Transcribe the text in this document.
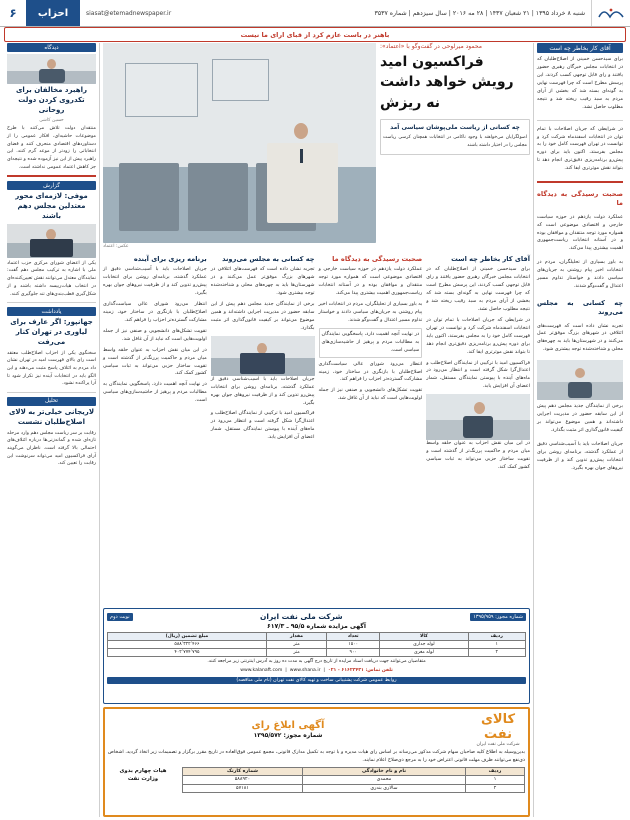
شنبه ۸ خرداد ۱۳۹۵ | ۲۱ شعبان ۱۴۳۷ | ۲۸ مه ۲۰۱۶ | سال سیزدهم | شماره ۳۵۳۷
siasat@etemadnewspaper.ir
احزاب
۶
باهنر در باست عازم کرد از قبای ارای ما نیست
آقای کار بخاطر چه است
برای سیدحسن خمینی از اصلاح‌طلبان که در انتخابات مجلس خبرگان رهبری حضور یافتند و رای قابل توجهی کسب کردند، این پرسش مطرح است که چرا فهرست نهایی به گونه‌ای بسته شد که بخشی از آرای مردم به سبد رقیب ریخته شد و نتیجه مطلوب حاصل نشد.
در شرایطی که جریان اصلاحات با تمام توان در انتخابات اسفندماه شرکت کرد و توانست در تهران فهرست کامل خود را به مجلس بفرستد، اکنون باید برای دوره پیش‌رو برنامه‌ریزی دقیق‌تری انجام دهد تا بتواند نقش موثرتری ایفا کند.
صحبت رسیدگی به دیدگاه ما
عملکرد دولت یازدهم در حوزه سیاست خارجی و اقتصادی موضوعی است که همواره مورد توجه منتقدان و موافقان بوده و در آستانه انتخابات ریاست‌جمهوری اهمیت بیشتری پیدا می‌کند.
به باور بسیاری از تحلیلگران، مردم در انتخابات اخیر پیام روشنی به جریان‌های سیاسی دادند و خواستار تداوم مسیر اعتدال و گفت‌وگو شدند.
چه کسانی به مجلس می‌روند
تجربه نشان داده است که فهرست‌های ائتلافی در شهرهای بزرگ موفق‌تر عمل می‌کنند و در شهرستان‌ها باید به چهره‌های محلی و شناخته‌شده توجه بیشتری شود.
برخی از نمایندگان جدید مجلس دهم پیش از این سابقه حضور در مدیریت اجرایی داشته‌اند و همین موضوع می‌تواند بر کیفیت قانون‌گذاری اثر مثبت بگذارد.
جریان اصلاحات باید با آسیب‌شناسی دقیق از عملکرد گذشته، برنامه‌ای روشن برای انتخابات پیش‌رو تدوین کند و از ظرفیت نیروهای جوان بهره بگیرد.
محمود میرلوحی در گفت‌وگو با «اعتماد»:
فراکسیون امید
رویش خواهد داشت نه ریزش
چه کسانی از ریاست ملی‌پوشان سیاسی آمد
اصولگرایان می‌خواهند با وجود ناکامی در انتخابات همچنان کرسی ریاست مجلس را در اختیار داشته باشند
عکس: اعتماد
آقای کار بخاطر چه است
برای سیدحسن خمینی از اصلاح‌طلبان که در انتخابات مجلس خبرگان رهبری حضور یافتند و رای قابل توجهی کسب کردند، این پرسش مطرح است که چرا فهرست نهایی به گونه‌ای بسته شد که بخشی از آرای مردم به سبد رقیب ریخته شد و نتیجه مطلوب حاصل نشد.
در شرایطی که جریان اصلاحات با تمام توان در انتخابات اسفندماه شرکت کرد و توانست در تهران فهرست کامل خود را به مجلس بفرستد، اکنون باید برای دوره پیش‌رو برنامه‌ریزی دقیق‌تری انجام دهد تا بتواند نقش موثرتری ایفا کند.
فراکسیون امید با ترکیبی از نمایندگان اصلاح‌طلب و اعتدال‌گرا شکل گرفته است و انتظار می‌رود در ماه‌های آینده با پیوستن نمایندگان مستقل، شمار اعضای آن افزایش یابد.
در این میان نقش احزاب به عنوان حلقه واسط میان مردم و حاکمیت پررنگ‌تر از گذشته است و تقویت ساختار حزبی می‌تواند به ثبات سیاسی کشور کمک کند.
صحبت رسیدگی به دیدگاه ما
عملکرد دولت یازدهم در حوزه سیاست خارجی و اقتصادی موضوعی است که همواره مورد توجه منتقدان و موافقان بوده و در آستانه انتخابات ریاست‌جمهوری اهمیت بیشتری پیدا می‌کند.
به باور بسیاری از تحلیلگران، مردم در انتخابات اخیر پیام روشنی به جریان‌های سیاسی دادند و خواستار تداوم مسیر اعتدال و گفت‌وگو شدند.
در نهایت آنچه اهمیت دارد، پاسخگویی نمایندگان به مطالبات مردم و پرهیز از حاشیه‌سازی‌های سیاسی است.
انتظار می‌رود شورای عالی سیاست‌گذاری اصلاح‌طلبان با بازنگری در ساختار خود، زمینه مشارکت گسترده‌تر احزاب را فراهم کند.
تقویت تشکل‌های دانشجویی و صنفی نیز از جمله اولویت‌هایی است که نباید از آن غافل شد.
چه کسانی به مجلس می‌روند
تجربه نشان داده است که فهرست‌های ائتلافی در شهرهای بزرگ موفق‌تر عمل می‌کنند و در شهرستان‌ها باید به چهره‌های محلی و شناخته‌شده توجه بیشتری شود.
برخی از نمایندگان جدید مجلس دهم پیش از این سابقه حضور در مدیریت اجرایی داشته‌اند و همین موضوع می‌تواند بر کیفیت قانون‌گذاری اثر مثبت بگذارد.
جریان اصلاحات باید با آسیب‌شناسی دقیق از عملکرد گذشته، برنامه‌ای روشن برای انتخابات پیش‌رو تدوین کند و از ظرفیت نیروهای جوان بهره بگیرد.
فراکسیون امید با ترکیبی از نمایندگان اصلاح‌طلب و اعتدال‌گرا شکل گرفته است و انتظار می‌رود در ماه‌های آینده با پیوستن نمایندگان مستقل، شمار اعضای آن افزایش یابد.
برنامه ریزی برای آینده
جریان اصلاحات باید با آسیب‌شناسی دقیق از عملکرد گذشته، برنامه‌ای روشن برای انتخابات پیش‌رو تدوین کند و از ظرفیت نیروهای جوان بهره بگیرد.
انتظار می‌رود شورای عالی سیاست‌گذاری اصلاح‌طلبان با بازنگری در ساختار خود، زمینه مشارکت گسترده‌تر احزاب را فراهم کند.
تقویت تشکل‌های دانشجویی و صنفی نیز از جمله اولویت‌هایی است که نباید از آن غافل شد.
در این میان نقش احزاب به عنوان حلقه واسط میان مردم و حاکمیت پررنگ‌تر از گذشته است و تقویت ساختار حزبی می‌تواند به ثبات سیاسی کشور کمک کند.
در نهایت آنچه اهمیت دارد، پاسخگویی نمایندگان به مطالبات مردم و پرهیز از حاشیه‌سازی‌های سیاسی است.
شماره مجوز: ۱۳۹۵/۹۵۹
شرکت ملی نفت ایران
نوبت دوم
آگهی مزایده شماره ۹۵/۵ ـ ۶۱۷/۳
ردیف	کالا	تعداد	مقدار	مبلغ تضمین (ریال)
۱	لوله جداری	۱۵۰۰	متر	۵۸۸٬۳۲۲٬۴۶۶
۲	لوله مغزی	۹۰۰	متر	۴۰۲٬۷۷۴٬۷۹۵
متقاضیان می‌توانند جهت دریافت اسناد مزایده از تاریخ درج آگهی به مدت ده روز به آدرس اینترنتی زیر مراجعه کنند.
تلفن تماس: ۶۱۶۲۳۴۳۱ - ۰۲۱  |  www.kalanaft.com  |  www.shana.ir
روابط عمومی شرکت پشتیبانی ساخت و تهیه کالای نفت تهران (نام ملی مناقصه)
کالای نفت
شرکت ملی نفت ایران
آگهی ابلاغ رای
شماره مجوز: ۱۳۹۵/۵۷۲
بدین‌وسیله به اطلاع کلیه صاحبان سهام شرکت مذکور می‌رساند بر اساس رای هیات مدیره و با توجه به تکمیل مدارک قانونی، مجمع عمومی فوق‌العاده در تاریخ مقرر برگزار و تصمیمات زیر اتخاذ گردید. اشخاص ذی‌نفع می‌توانند ظرف مهلت قانونی اعتراض خود را به مرجع ذی‌صلاح اعلام نمایند.
ردیف	نام و نام خانوادگی	شماره کارتک
۱	محمدی	۵۸۸۹۲۰
۲	سالاری بندری	۵۷۱۸۱
هیات چهارم بدوی
وزارت نفت
دیدگاه
راهبرد مخالفان برای تکدرو‌ی کردن دولت روحانی
حسین کاشی
منتقدان دولت تلاش می‌کنند با طرح موضوعات حاشیه‌ای، افکار عمومی را از دستاوردهای اقتصادی منحرف کنند و فضای انتخاباتی را زودتر از موعد گرم کنند. این راهبرد پیش از این نیز آزموده شده و نتیجه‌ای جز کاهش اعتماد عمومی نداشته است.
گزارش
موفی: لازمه‌ای محور معتدلین مجلس دهم باشند
یکی از اعضای شورای مرکزی حزب اعتماد ملی با اشاره به ترکیب مجلس دهم گفت: نمایندگان معتدل می‌توانند نقش تعیین‌کننده‌ای در انتخاب هیات‌رییسه داشته باشند و از شکل‌گیری قطب‌بندی‌های تند جلوگیری کنند.
یادداشت
جهانپور: اگر عارف برای لیاوری در تهران کنار می‌رفت
سخنگوی یکی از احزاب اصلاح‌طلب معتقد است رای بالای فهرست امید در تهران نشان داد مردم به ائتلاف پاسخ مثبت می‌دهند و این الگو باید در انتخابات آینده نیز تکرار شود تا آرا پراکنده نشود.
تحلیل
لاریجانی خیلی‌تر به لالای اصلاح‌طلبان نشست
رقابت بر سر ریاست مجلس دهم وارد مرحله تازه‌ای شده و گمانه‌زنی‌ها درباره ائتلاف‌های احتمالی بالا گرفته است. ناظران می‌گویند آرای فراکسیون امید می‌تواند سرنوشت این رقابت را تعیین کند.
